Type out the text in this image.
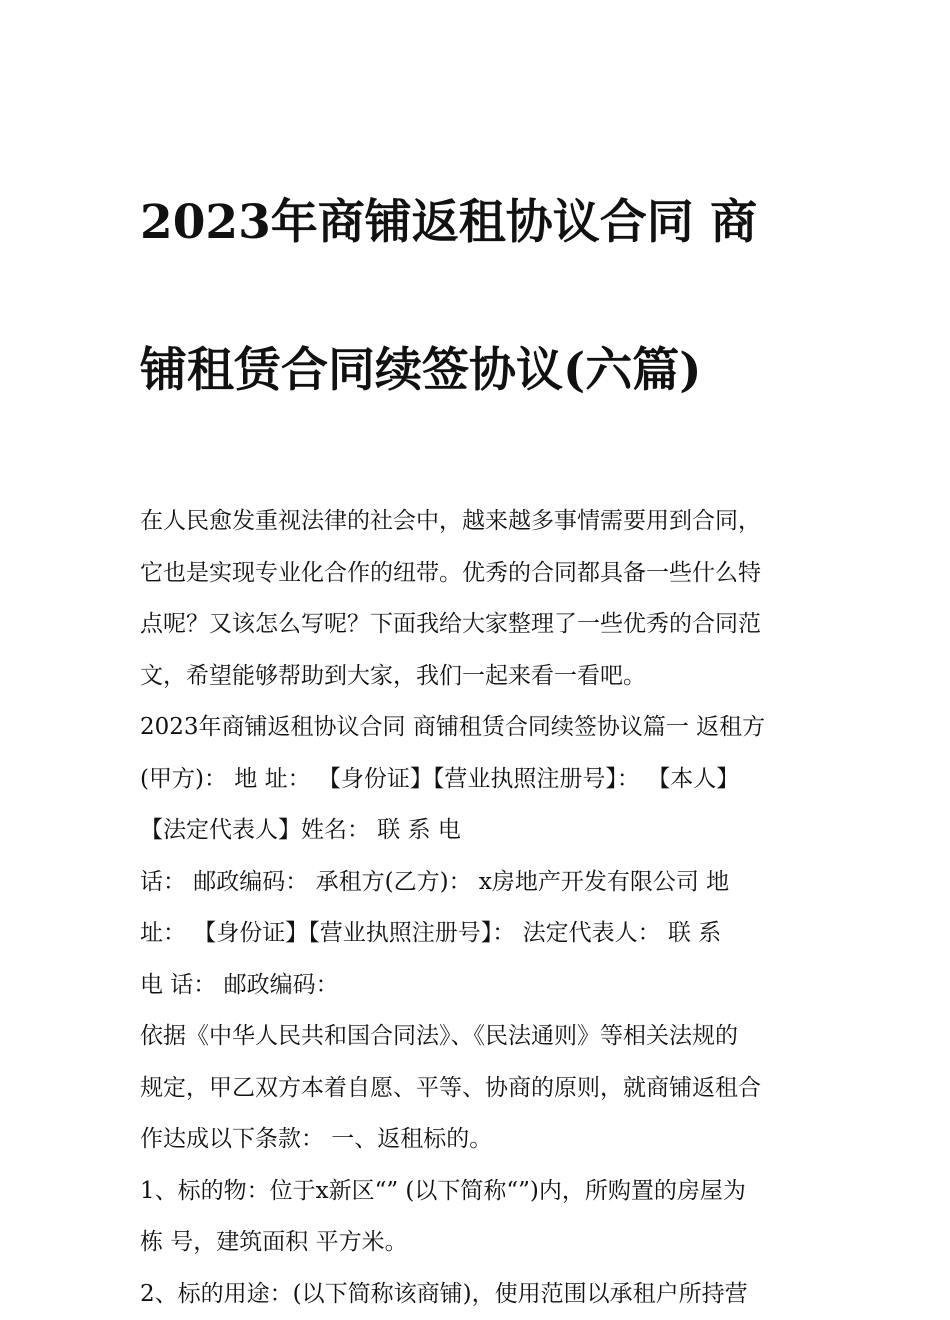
2023年商铺返租协议合同 商

铺租赁合同续签协议(六篇)

在人民愈发重视法律的社会中，越来越多事情需要用到合同，
它也是实现专业化合作的纽带。优秀的合同都具备一些什么特
点呢？又该怎么写呢？下面我给大家整理了一些优秀的合同范
文，希望能够帮助到大家，我们一起来看一看吧。

2023年商铺返租协议合同 商铺租赁合同续签协议篇一 返租方
(甲方)： 地 址： 【身份证】【营业执照注册号】： 【本人】
【法定代表人】姓名： 联 系 电

话： 邮政编码： 承租方(乙方)： x房地产开发有限公司 地
址： 【身份证】【营业执照注册号】： 法定代表人： 联 系
电 话： 邮政编码：

依据《中华人民共和国合同法》、《民法通则》等相关法规的
规定，甲乙双方本着自愿、平等、协商的原则，就商铺返租合
作达成以下条款： 一、返租标的。

1、标的物：位于x新区“” (以下简称“”)内，所购置的房屋为
栋 号，建筑面积 平方米。

2、标的用途：(以下简称该商铺)，使用范围以承租户所持营
